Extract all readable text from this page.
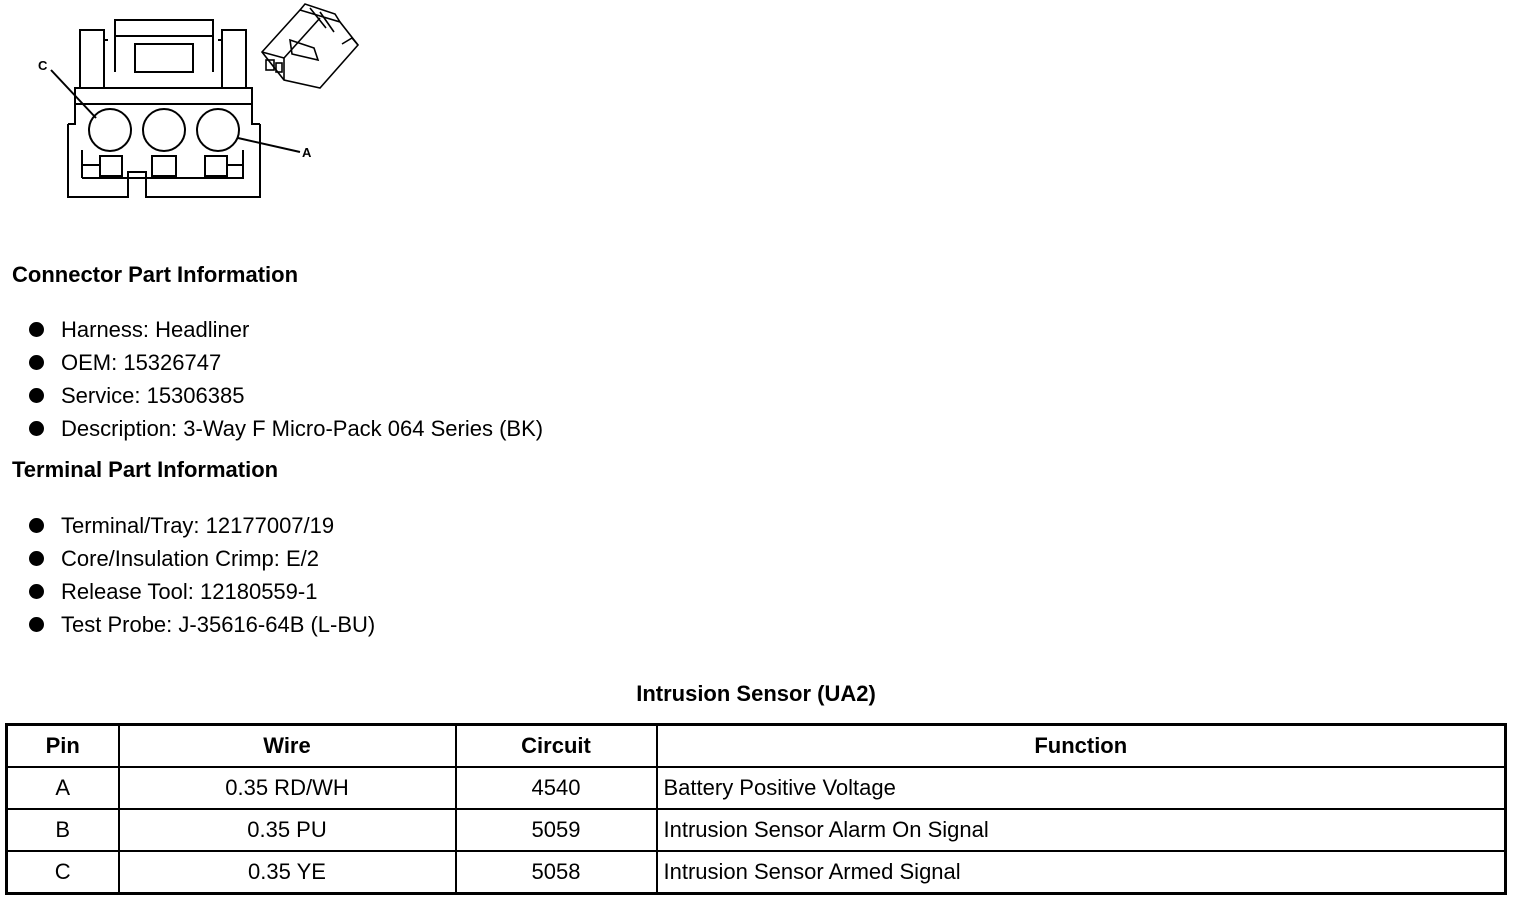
C
A
Connector Part Information
Harness: Headliner
OEM: 15326747
Service: 15306385
Description: 3-Way F Micro-Pack 064 Series (BK)
Terminal Part Information
Terminal/Tray: 12177007/19
Core/Insulation Crimp: E/2
Release Tool: 12180559-1
Test Probe: J-35616-64B (L-BU)
Intrusion Sensor (UA2)
Pin	Wire	Circuit	Function
A	0.35 RD/WH	4540	Battery Positive Voltage
B	0.35 PU	5059	Intrusion Sensor Alarm On Signal
C	0.35 YE	5058	Intrusion Sensor Armed Signal
